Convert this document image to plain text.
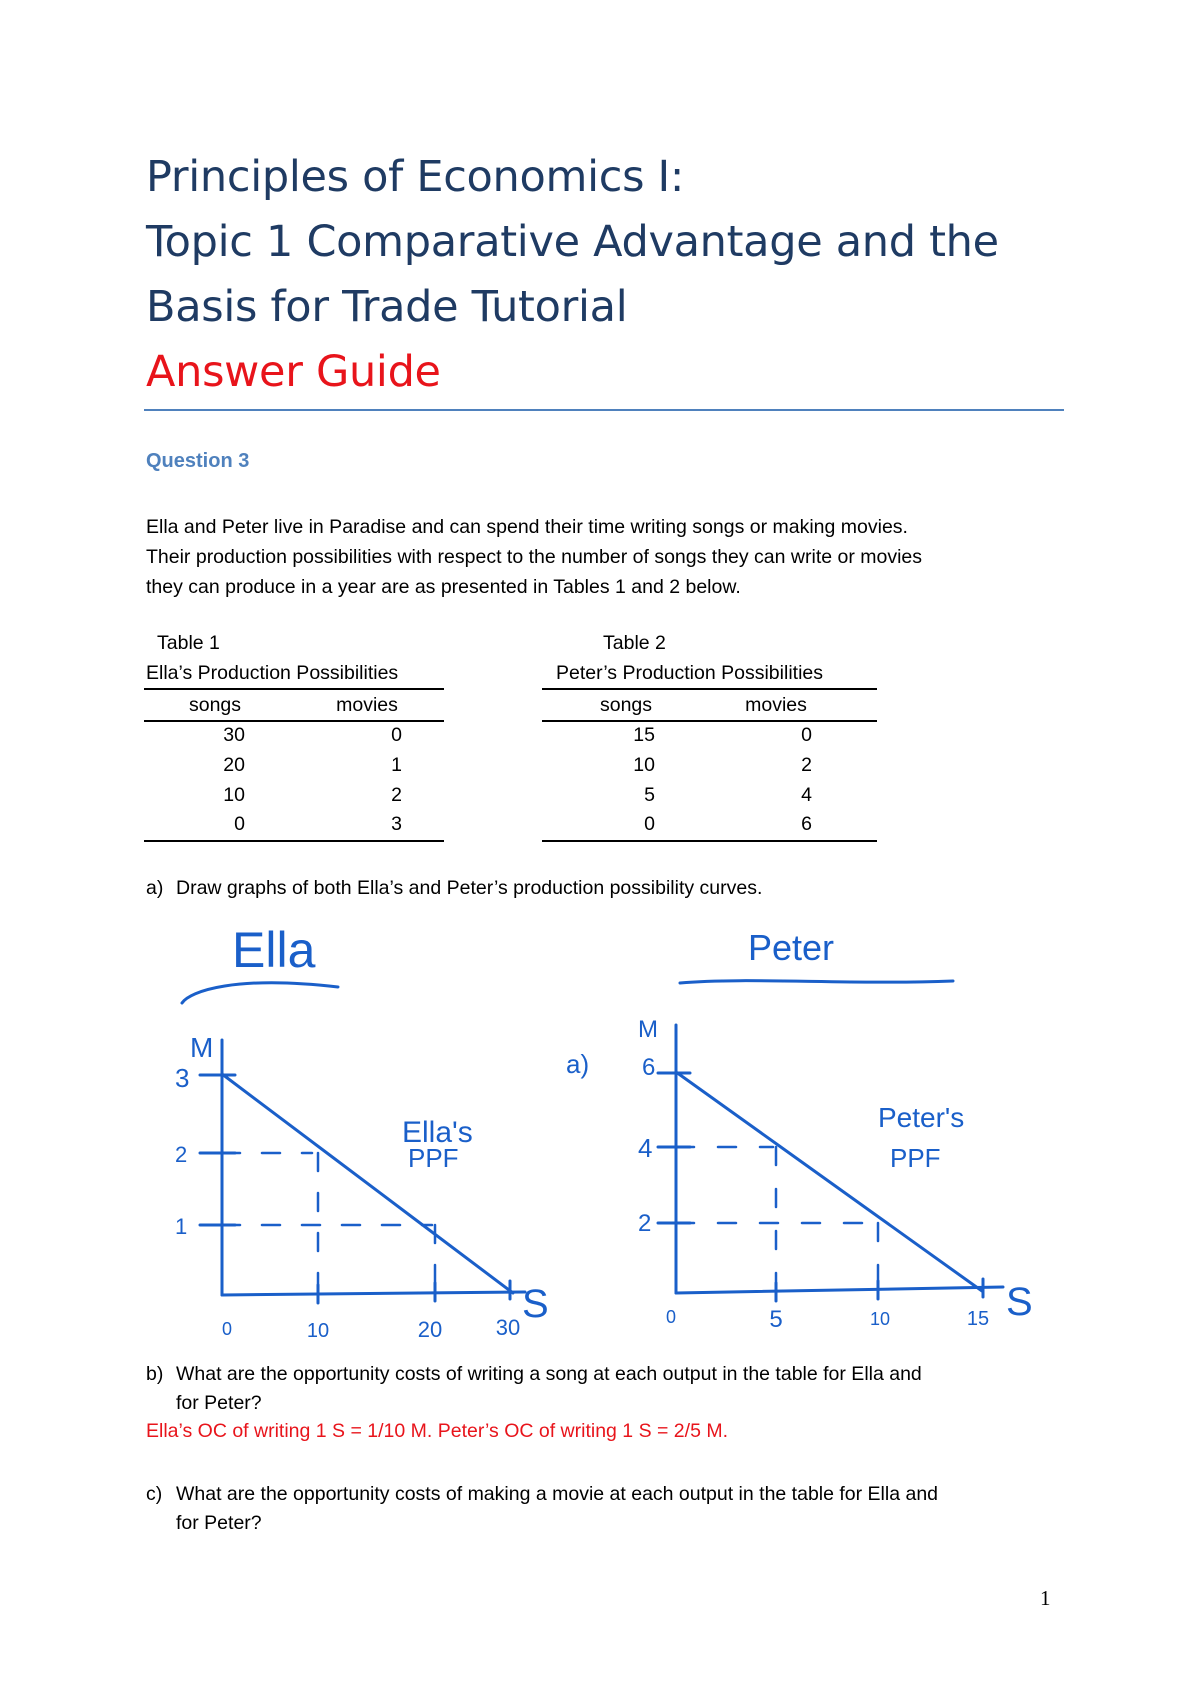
Principles of Economics I:
Topic 1 Comparative Advantage and the
Basis for Trade Tutorial
Answer Guide
Question 3

Ella and Peter live in Paradise and can spend their time writing songs or making movies.
Their production possibilities with respect to the number of songs they can write or movies
they can produce in a year are as presented in Tables 1 and 2 below.

Table 1
Ella’s Production Possibilities
songs	movies
30	0
20	1
10	2
0	3
Table 2
Peter’s Production Possibilities
songs	movies
15	0
10	2
5	4
0	6

a) Draw graphs of both Ella’s and Peter’s production possibility curves.

Ella
M
S
Ella's
PPF
3
2
1
0	10	20 30
Peter
a)
M
S
Peter's
PPF
6
4
2
0	5	10	15

b) What are the opportunity costs of writing a song at each output in the table for Ella and
for Peter?

Ella’s OC of writing 1 S = 1/10 M. Peter’s OC of writing 1 S = 2/5 M.

c) What are the opportunity costs of making a movie at each output in the table for Ella and
for Peter?

1
